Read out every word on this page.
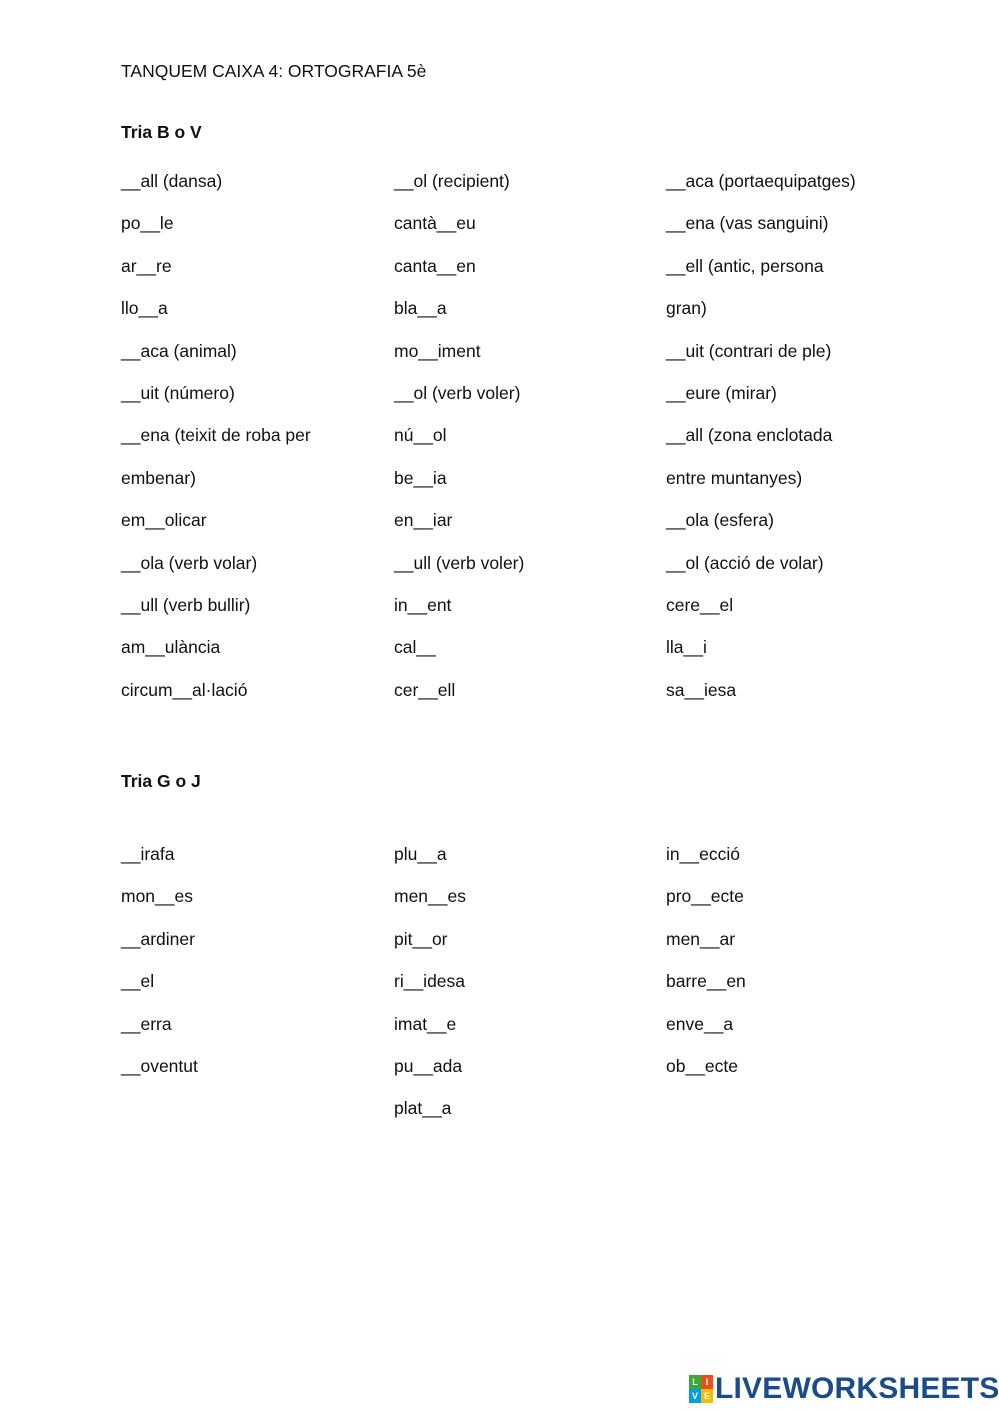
TANQUEM CAIXA 4: ORTOGRAFIA 5è
Tria B o V
__all (dansa)
po__le
ar__re
llo__a
__aca (animal)
__uit (número)
__ena (teixit de roba per
embenar)
em__olicar
__ola (verb volar)
__ull (verb bullir)
am__ulància
circum__al·lació
__ol (recipient)
cantà__eu
canta__en
bla__a
mo__iment
__ol (verb voler)
nú__ol
be__ia
en__iar
__ull (verb voler)
in__ent
cal__
cer__ell
__aca (portaequipatges)
__ena (vas sanguini)
__ell (antic, persona
gran)
__uit (contrari de ple)
__eure (mirar)
__all (zona enclotada
entre muntanyes)
__ola (esfera)
__ol (acció de volar)
cere__el
lla__i
sa__iesa
Tria G o J
__irafa
mon__es
__ardiner
__el
__erra
__oventut
plu__a
men__es
pit__or
ri__idesa
imat__e
pu__ada
plat__a
in__ecció
pro__ecte
men__ar
barre__en
enve__a
ob__ecte
L I
V E LIVEWORKSHEETS
